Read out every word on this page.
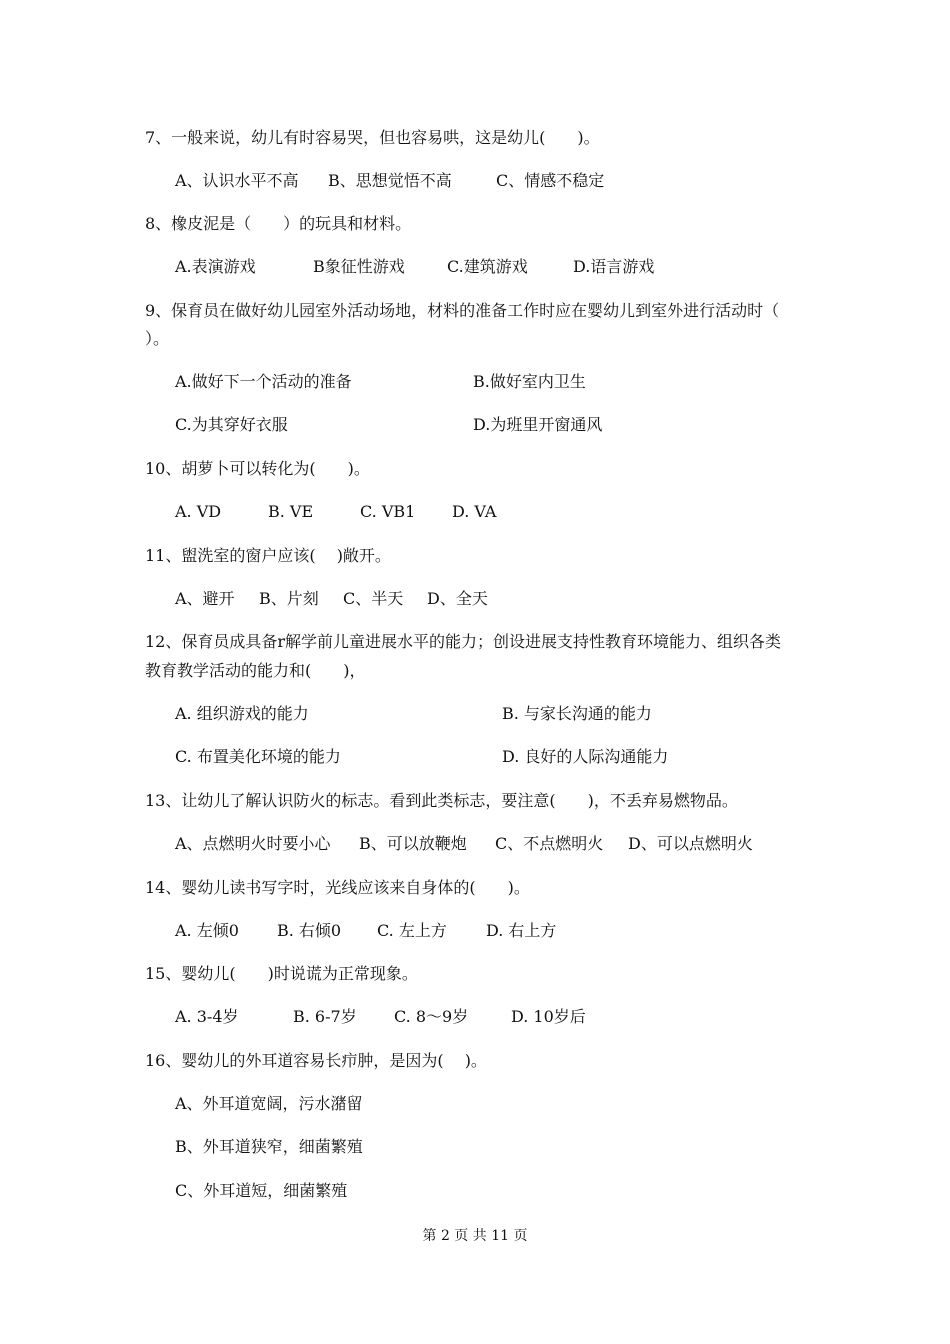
7、一般来说，幼儿有时容易哭，但也容易哄，这是幼儿(　　)。
A、认识水平不高 B、思想觉悟不高	C、情感不稳定
8、橡皮泥是（　　）的玩具和材料。
A.表演游戏	B象征性游戏	C.建筑游戏	D.语言游戏
9、保育员在做好幼儿园室外活动场地，材料的准备工作时应在婴幼儿到室外进行活动时（
）。
A.做好下一个活动的准备	B.做好室内卫生
C.为其穿好衣服	D.为班里开窗通风
10、胡萝卜可以转化为(　　)。
A. VD	B. VE	C. VB1 D. VA
11、盥洗室的窗户应该(　 )敞开。
A、避开 B、片刻 C、半天 D、全天
12、保育员成具备r解学前儿童进展水平的能力；创设进展支持性教育环境能力、组织各类
教育教学活动的能力和(　　)，
A. 组织游戏的能力	B. 与家长沟通的能力
C. 布置美化环境的能力	D. 良好的人际沟通能力
13、让幼儿了解认识防火的标志。看到此类标志，要注意(　　)，不丢弃易燃物品。
A、点燃明火时要小心 B、可以放鞭炮 C、不点燃明火 D、可以点燃明火
14、婴幼儿读书写字时，光线应该来自身体的(　　)。
A. 左倾0 B. 右倾0 C. 左上方 D. 右上方
15、婴幼儿(　　)时说谎为正常现象。
A. 3-4岁	B. 6-7岁 C. 8～9岁	D. 10岁后
16、婴幼儿的外耳道容易长疖肿，是因为(　 )。
A、外耳道宽阔，污水潴留
B、外耳道狭窄，细菌繁殖
C、外耳道短，细菌繁殖
第 2 页 共 11 页
